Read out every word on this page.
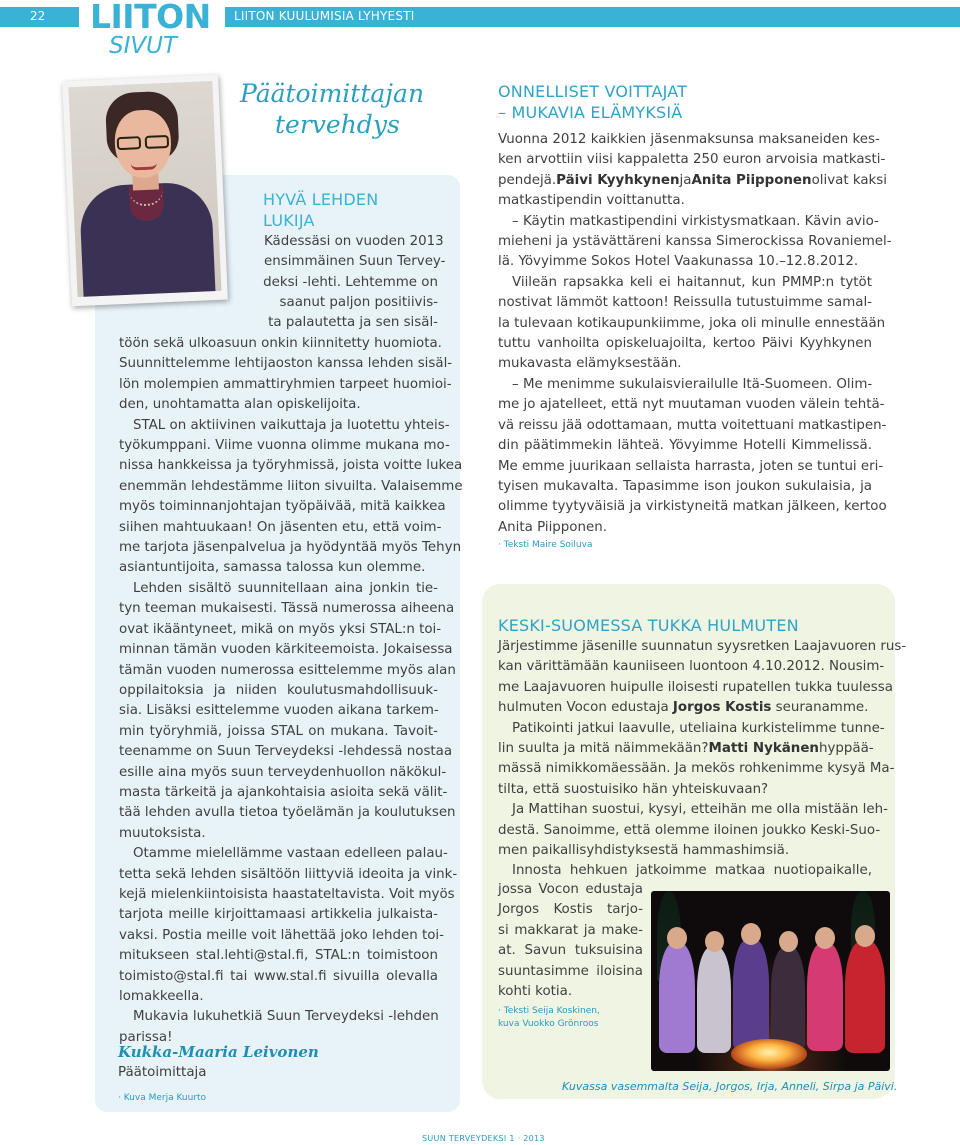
22 LIITON
SIVUT
LIITON KUULUMISIA LYHYESTI
Päätoimittajan
tervehdys
HYVÄ LEHDEN
LUKIJA
Kädessäsi on vuoden 2013
ensimmäinen Suun Tervey-
deksi -lehti. Lehtemme on
saanut paljon positiivis-
ta palautetta ja sen sisäl-
töön sekä ulkoasuun onkin kiinnitetty huomiota.
Suunnittelemme lehtijaoston kanssa lehden sisäl-
lön molempien ammattiryhmien tarpeet huomioi-
den, unohtamatta alan opiskelijoita.
STAL on aktiivinen vaikuttaja ja luotettu yhteis-
työkumppani. Viime vuonna olimme mukana mo-
nissa hankkeissa ja työryhmissä, joista voitte lukea
enemmän lehdestämme liiton sivuilta. Valaisemme
myös toiminnanjohtajan työpäivää, mitä kaikkea
siihen mahtuukaan! On jäsenten etu, että voim-
me tarjota jäsenpalvelua ja hyödyntää myös Tehyn
asiantuntijoita, samassa talossa kun olemme.
Lehden sisältö suunnitellaan aina jonkin tie-
tyn teeman mukaisesti. Tässä numerossa aiheena
ovat ikääntyneet, mikä on myös yksi STAL:n toi-
minnan tämän vuoden kärkiteemoista. Jokaisessa
tämän vuoden numerossa esittelemme myös alan
oppilaitoksia ja niiden koulutusmahdollisuuk-
sia. Lisäksi esittelemme vuoden aikana tarkem-
min työryhmiä, joissa STAL on mukana. Tavoit-
teenamme on Suun Terveydeksi -lehdessä nostaa
esille aina myös suun terveydenhuollon näkökul-
masta tärkeitä ja ajankohtaisia asioita sekä välit-
tää lehden avulla tietoa työelämän ja koulutuksen
muutoksista.
Otamme mielellämme vastaan edelleen palau-
tetta sekä lehden sisältöön liittyviä ideoita ja vink-
kejä mielenkiintoisista haastateltavista. Voit myös
tarjota meille kirjoittamaasi artikkelia julkaista-
vaksi. Postia meille voit lähettää joko lehden toi-
mitukseen stal.lehti@stal.fi, STAL:n toimistoon
toimisto@stal.fi tai www.stal.fi sivuilla olevalla
lomakkeella.
Mukavia lukuhetkiä Suun Terveydeksi -lehden
parissa!
Kukka-Maaria Leivonen
Päätoimittaja
· Kuva Merja Kuurto
ONNELLISET VOITTAJAT
– MUKAVIA ELÄMYKSIÄ
Vuonna 2012 kaikkien jäsenmaksunsa maksaneiden kes-
ken arvottiin viisi kappaletta 250 euron arvoisia matkasti-
pendejä. Päivi Kyyhkynen ja Anita Piipponen olivat kaksi
matkastipendin voittanutta.
– Käytin matkastipendini virkistysmatkaan. Kävin avio-
mieheni ja ystävättäreni kanssa Simerockissa Rovaniemel-
lä. Yövyimme Sokos Hotel Vaakunassa 10.–12.8.2012.
Viileän rapsakka keli ei haitannut, kun PMMP:n tytöt
nostivat lämmöt kattoon! Reissulla tutustuimme samal-
la tulevaan kotikaupunkiimme, joka oli minulle ennestään
tuttu vanhoilta opiskeluajoilta, kertoo Päivi Kyyhkynen
mukavasta elämyksestään.
– Me menimme sukulaisvierailulle Itä-Suomeen. Olim-
me jo ajatelleet, että nyt muutaman vuoden välein tehtä-
vä reissu jää odottamaan, mutta voitettuani matkastipen-
din päätimmekin lähteä. Yövyimme Hotelli Kimmelissä.
Me emme juurikaan sellaista harrasta, joten se tuntui eri-
tyisen mukavalta. Tapasimme ison joukon sukulaisia, ja
olimme tyytyväisiä ja virkistyneitä matkan jälkeen, kertoo
Anita Piipponen.
· Teksti Maire Soiluva
KESKI-SUOMESSA TUKKA HULMUTEN
Järjestimme jäsenille suunnatun syysretken Laajavuoren rus-
kan värittämään kauniiseen luontoon 4.10.2012. Nousim-
me Laajavuoren huipulle iloisesti rupatellen tukka tuulessa
hulmuten Vocon edustaja Jorgos Kostis seuranamme.
Patikointi jatkui laavulle, uteliaina kurkistelimme tunne-
lin suulta ja mitä näimmekään? Matti Nykänen hyppää-
mässä nimikkomäessään. Ja mekös rohkenimme kysyä Ma-
tilta, että suostuisiko hän yhteiskuvaan?
Ja Mattihan suostui, kysyi, etteihän me olla mistään leh-
destä. Sanoimme, että olemme iloinen joukko Keski-Suo-
men paikallisyhdistyksestä hammashimsiä.
Innosta hehkuen jatkoimme matkaa nuotiopaikalle,
jossa Vocon edustaja
Jorgos Kostis tarjo-
si makkarat ja make-
at. Savun tuksuisina
suuntasimme iloisina
kohti kotia.
· Teksti Seija Koskinen,
kuva Vuokko Grönroos
Kuvassa vasemmalta Seija, Jorgos, Irja, Anneli, Sirpa ja Päivi.
SUUN TERVEYDEKSI 1 · 2013
